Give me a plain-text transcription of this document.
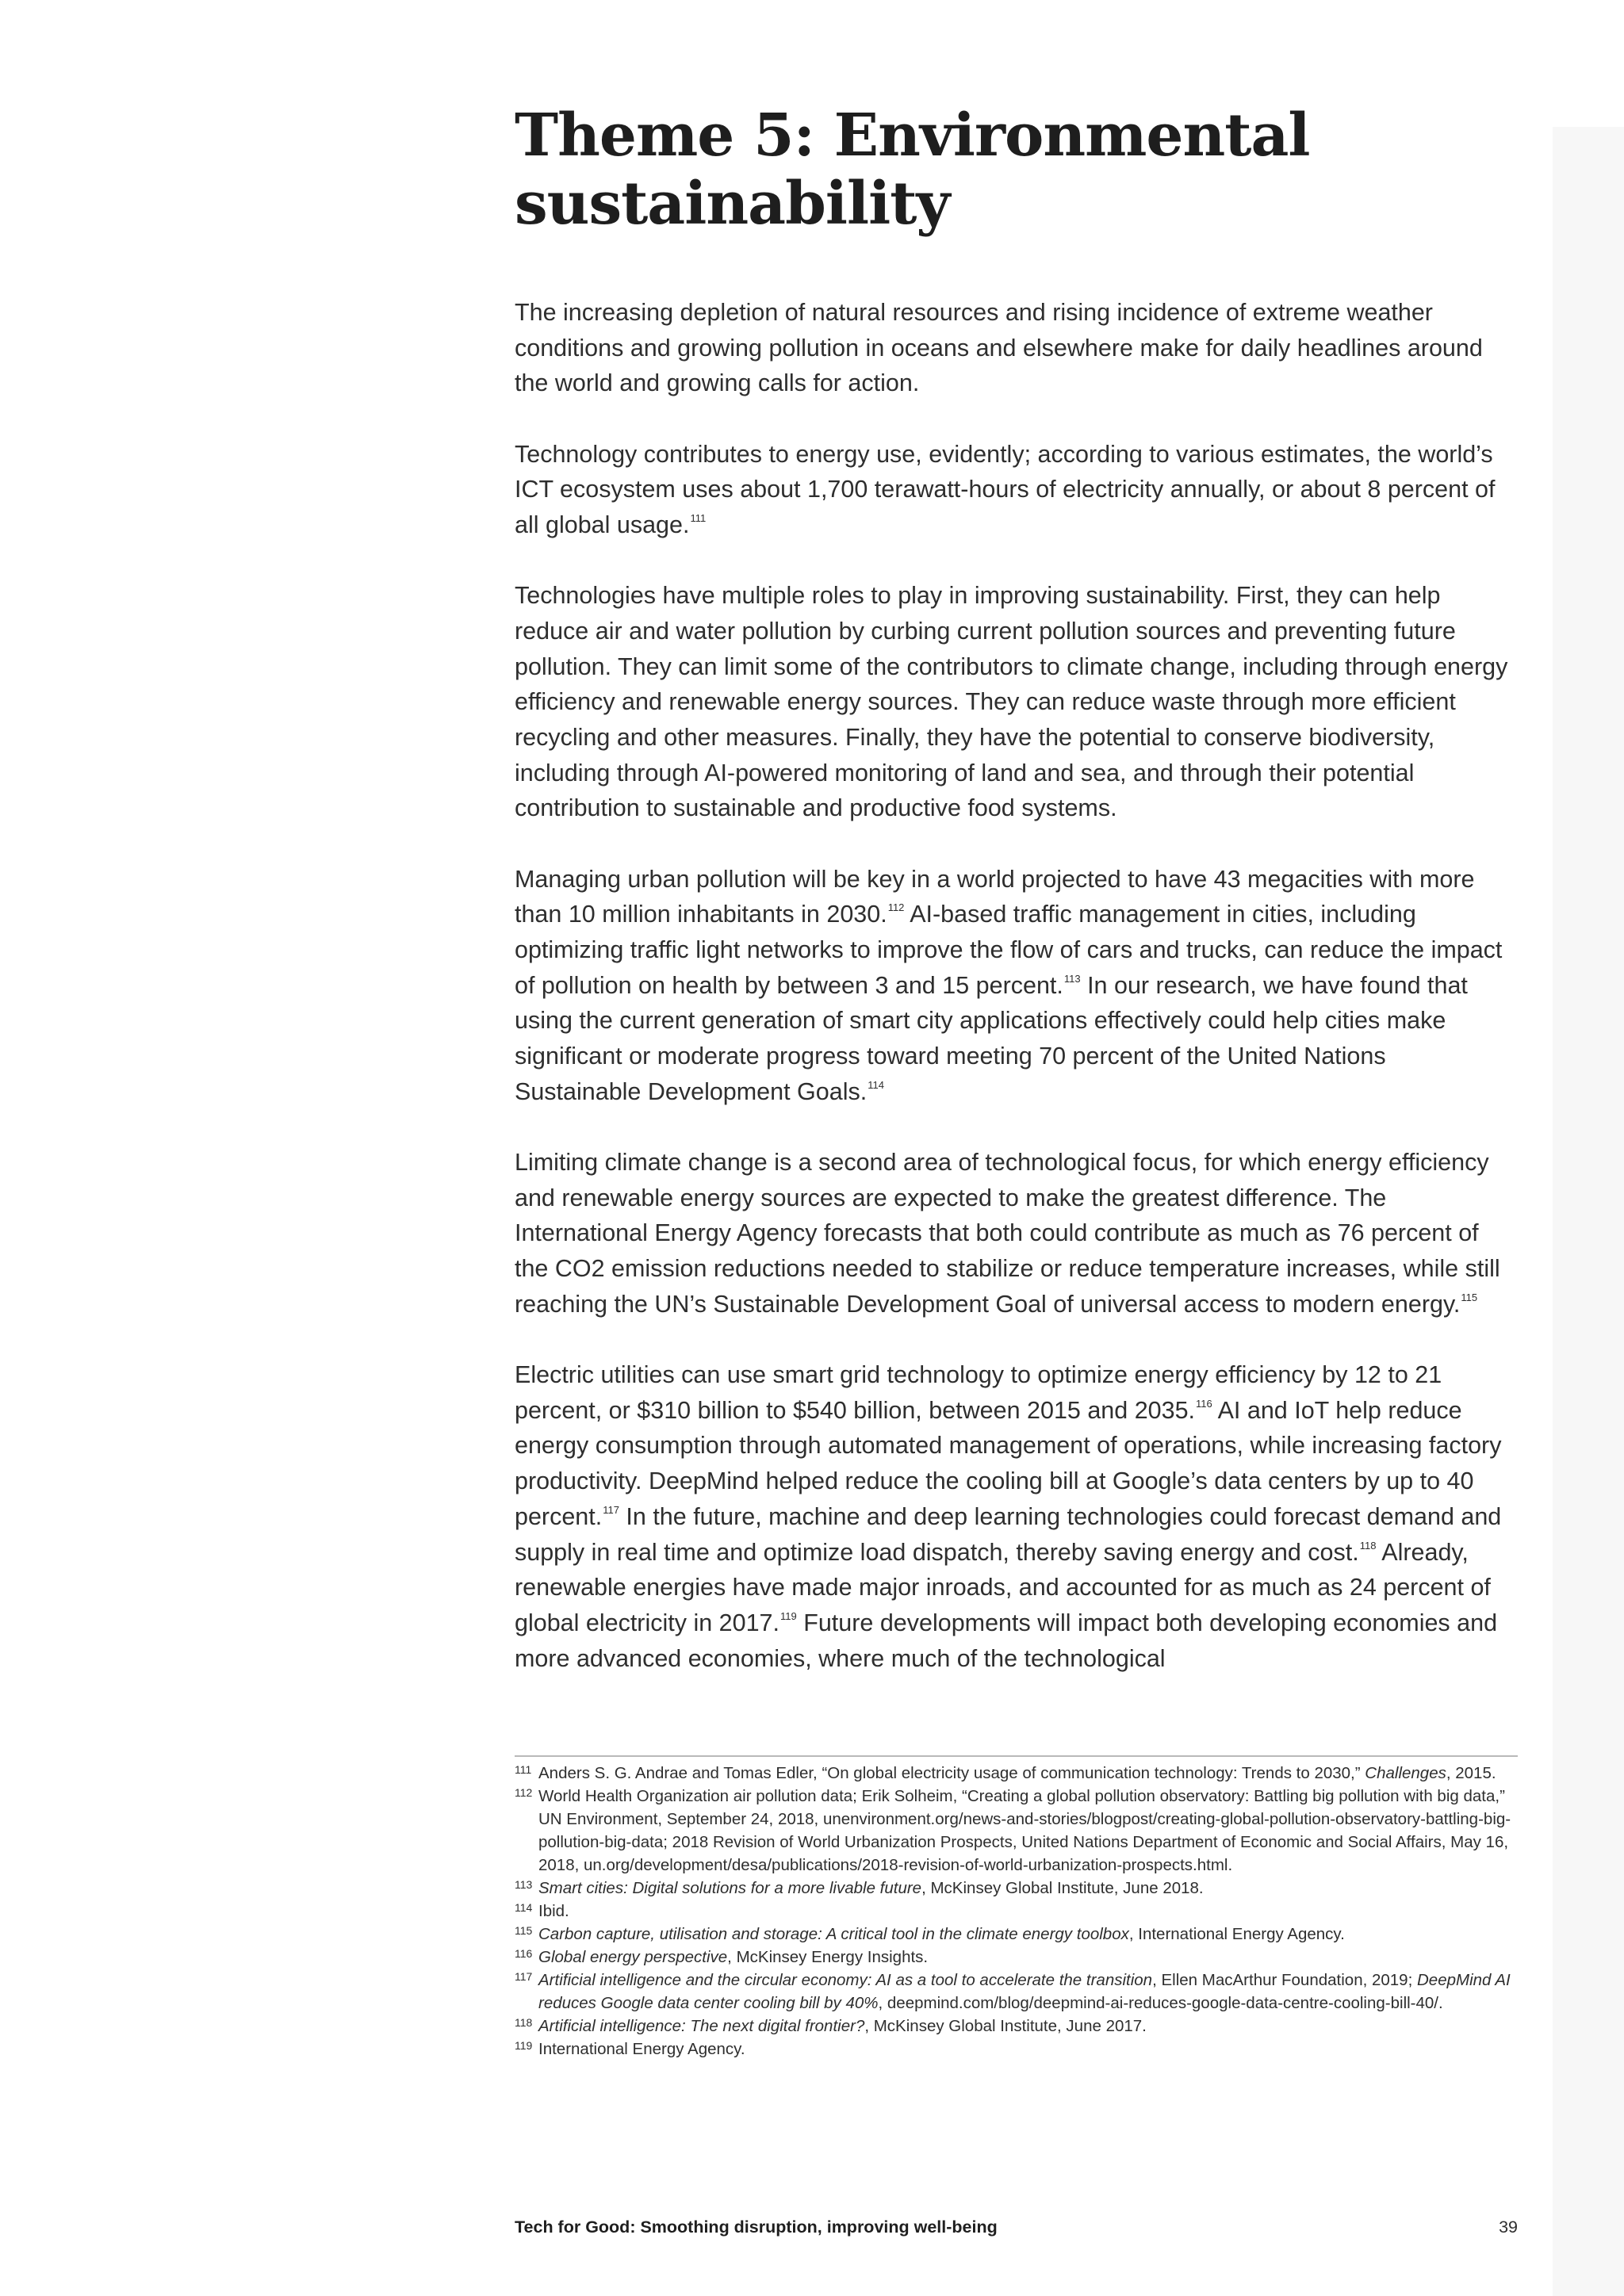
Theme 5: Environmental sustainability

The increasing depletion of natural resources and rising incidence of extreme weather conditions and growing pollution in oceans and elsewhere make for daily headlines around the world and growing calls for action.

Technology contributes to energy use, evidently; according to various estimates, the world’s ICT ecosystem uses about 1,700 terawatt-hours of electricity annually, or about 8 percent of all global usage.$^{111}$

Technologies have multiple roles to play in improving sustainability. First, they can help reduce air and water pollution by curbing current pollution sources and preventing future pollution. They can limit some of the contributors to climate change, including through energy efficiency and renewable energy sources. They can reduce waste through more efficient recycling and other measures. Finally, they have the potential to conserve biodiversity, including through AI-powered monitoring of land and sea, and through their potential contribution to sustainable and productive food systems.

Managing urban pollution will be key in a world projected to have 43 megacities with more than 10 million inhabitants in 2030.$^{112}$ AI-based traffic management in cities, including optimizing traffic light networks to improve the flow of cars and trucks, can reduce the impact of pollution on health by between 3 and 15 percent.$^{113}$ In our research, we have found that using the current generation of smart city applications effectively could help cities make significant or moderate progress toward meeting 70 percent of the United Nations Sustainable Development Goals.$^{114}$

Limiting climate change is a second area of technological focus, for which energy efficiency and renewable energy sources are expected to make the greatest difference. The International Energy Agency forecasts that both could contribute as much as 76 percent of the CO2 emission reductions needed to stabilize or reduce temperature increases, while still reaching the UN’s Sustainable Development Goal of universal access to modern energy.$^{115}$

Electric utilities can use smart grid technology to optimize energy efficiency by 12 to 21 percent, or $310 billion to $540 billion, between 2015 and 2035.$^{116}$ AI and IoT help reduce energy consumption through automated management of operations, while increasing factory productivity. DeepMind helped reduce the cooling bill at Google’s data centers by up to 40 percent.$^{117}$ In the future, machine and deep learning technologies could forecast demand and supply in real time and optimize load dispatch, thereby saving energy and cost.$^{118}$ Already, renewable energies have made major inroads, and accounted for as much as 24 percent of global electricity in 2017.$^{119}$ Future developments will impact both developing economies and more advanced economies, where much of the technological

111 Anders S. G. Andrae and Tomas Edler, “On global electricity usage of communication technology: Trends to 2030,” Challenges, 2015.
112 World Health Organization air pollution data; Erik Solheim, “Creating a global pollution observatory: Battling big pollution with big data,” UN Environment, September 24, 2018, unenvironment.org/news-and-stories/blogpost/creating-global-pollution-observatory-battling-big-pollution-big-data; 2018 Revision of World Urbanization Prospects, United Nations Department of Economic and Social Affairs, May 16, 2018, un.org/development/desa/publications/2018-revision-of-world-urbanization-prospects.html.
113 Smart cities: Digital solutions for a more livable future, McKinsey Global Institute, June 2018.
114 Ibid.
115 Carbon capture, utilisation and storage: A critical tool in the climate energy toolbox, International Energy Agency.
116 Global energy perspective, McKinsey Energy Insights.
117 Artificial intelligence and the circular economy: AI as a tool to accelerate the transition, Ellen MacArthur Foundation, 2019; DeepMind AI reduces Google data center cooling bill by 40%, deepmind.com/blog/deepmind-ai-reduces-google-data-centre-cooling-bill-40/.
118 Artificial intelligence: The next digital frontier?, McKinsey Global Institute, June 2017.
119 International Energy Agency.
Tech for Good: Smoothing disruption, improving well-being	39
